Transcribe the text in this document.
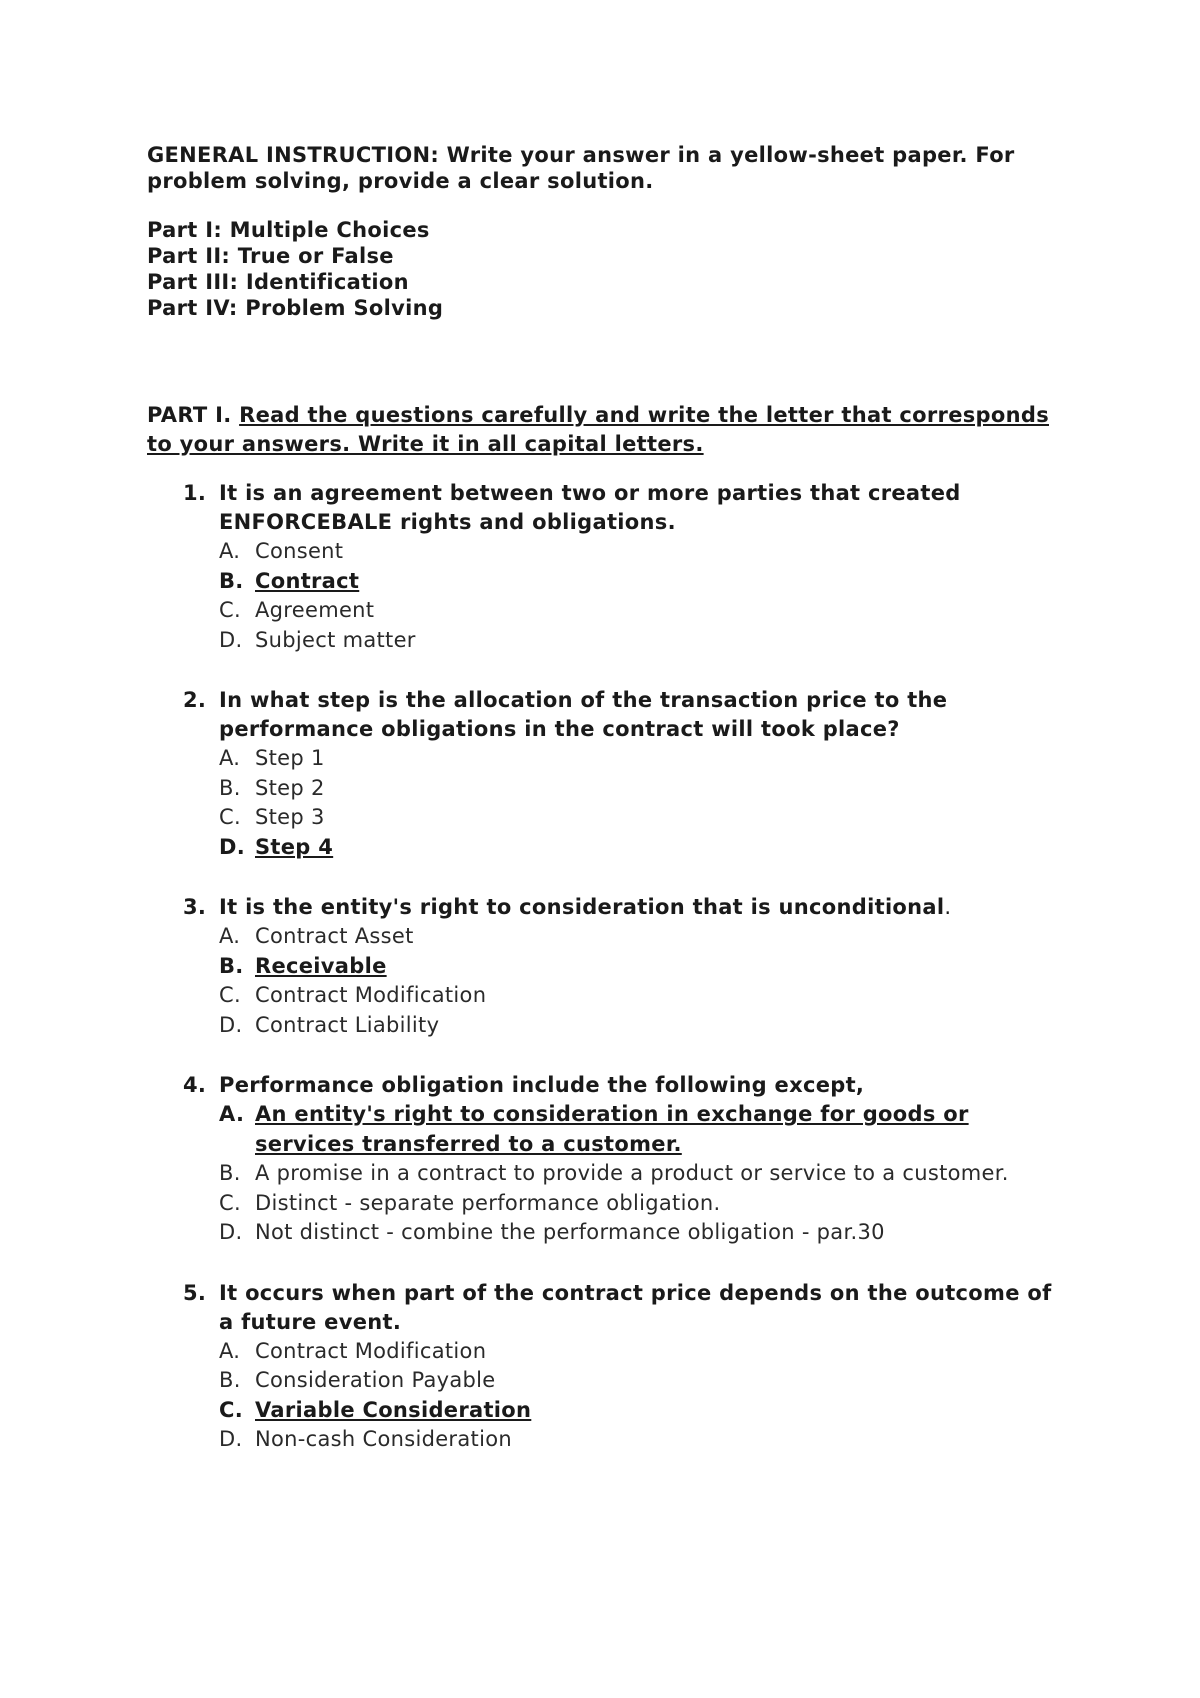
GENERAL INSTRUCTION: Write your answer in a yellow-sheet paper. For problem solving, provide a clear solution.

Part I: Multiple Choices
Part II: True or False
Part III: Identification
Part IV: Problem Solving

PART I. Read the questions carefully and write the letter that corresponds to your answers. Write it in all capital letters.

1. It is an agreement between two or more parties that created ENFORCEBALE rights and obligations.
A. Consent
B. Contract
C. Agreement
D. Subject matter
2. In what step is the allocation of the transaction price to the performance obligations in the contract will took place?
A. Step 1
B. Step 2
C. Step 3
D. Step 4
3. It is the entity's right to consideration that is unconditional.
A. Contract Asset
B. Receivable
C. Contract Modification
D. Contract Liability
4. Performance obligation include the following except,
A. An entity's right to consideration in exchange for goods or services transferred to a customer.
B. A promise in a contract to provide a product or service to a customer.
C. Distinct - separate performance obligation.
D. Not distinct - combine the performance obligation - par.30
5. It occurs when part of the contract price depends on the outcome of a future event.
A. Contract Modification
B. Consideration Payable
C. Variable Consideration
D. Non-cash Consideration
